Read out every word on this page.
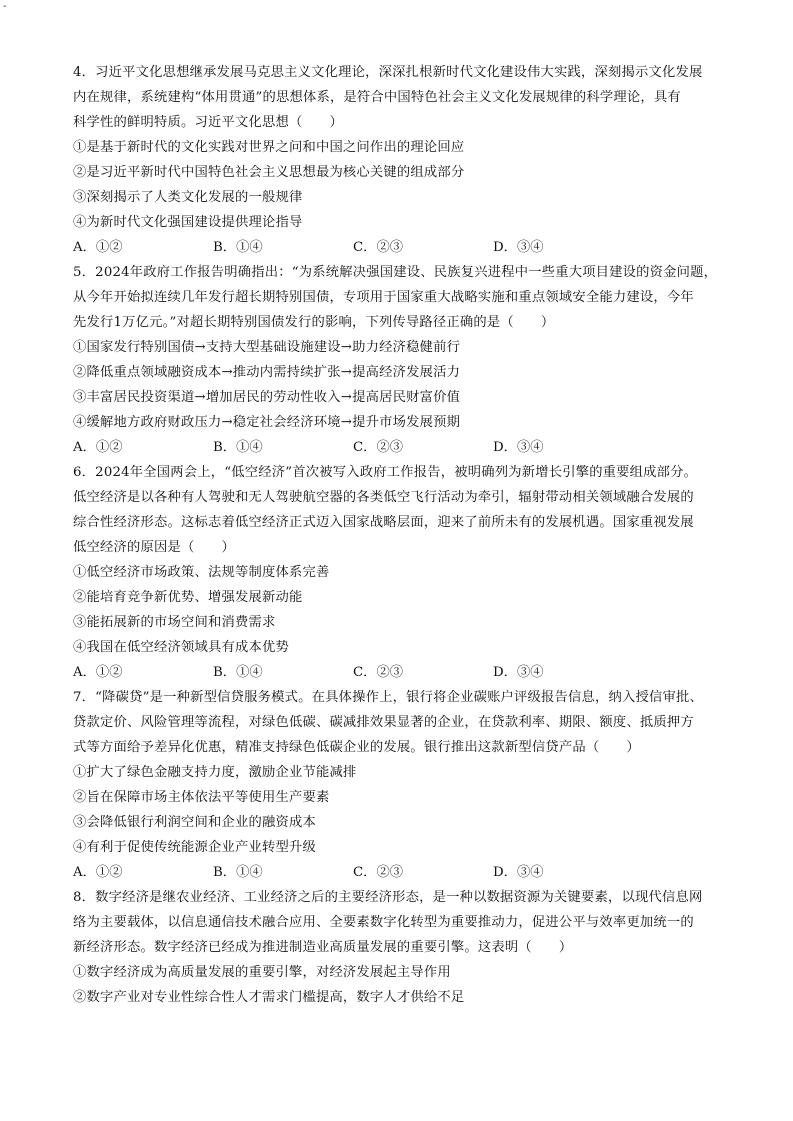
-
4．习近平文化思想继承发展马克思主义文化理论，深深扎根新时代文化建设伟大实践，深刻揭示文化发展
内在规律，系统建构“体用贯通”的思想体系，是符合中国特色社会主义文化发展规律的科学理论，具有
科学性的鲜明特质。习近平文化思想（　　）
①是基于新时代的文化实践对世界之问和中国之问作出的理论回应
②是习近平新时代中国特色社会主义思想最为核心关键的组成部分
③深刻揭示了人类文化发展的一般规律
④为新时代文化强国建设提供理论指导
A．①②	B．①④	C．②③	D．③④
5．2024年政府工作报告明确指出：“为系统解决强国建设、民族复兴进程中一些重大项目建设的资金问题，
从今年开始拟连续几年发行超长期特别国债，专项用于国家重大战略实施和重点领域安全能力建设，今年
先发行1万亿元。”对超长期特别国债发行的影响，下列传导路径正确的是（　　）
①国家发行特别国债→支持大型基础设施建设→助力经济稳健前行
②降低重点领域融资成本→推动内需持续扩张→提高经济发展活力
③丰富居民投资渠道→增加居民的劳动性收入→提高居民财富价值
④缓解地方政府财政压力→稳定社会经济环境→提升市场发展预期
A．①②	B．①④	C．②③	D．③④
6．2024年全国两会上，“低空经济”首次被写入政府工作报告，被明确列为新增长引擎的重要组成部分。
低空经济是以各种有人驾驶和无人驾驶航空器的各类低空飞行活动为牵引，辐射带动相关领域融合发展的
综合性经济形态。这标志着低空经济正式迈入国家战略层面，迎来了前所未有的发展机遇。国家重视发展
低空经济的原因是（　　）
①低空经济市场政策、法规等制度体系完善
②能培育竞争新优势、增强发展新动能
③能拓展新的市场空间和消费需求
④我国在低空经济领域具有成本优势
A．①②	B．①④	C．②③	D．③④
7．“降碳贷”是一种新型信贷服务模式。在具体操作上，银行将企业碳账户评级报告信息，纳入授信审批、
贷款定价、风险管理等流程，对绿色低碳、碳减排效果显著的企业，在贷款利率、期限、额度、抵质押方
式等方面给予差异化优惠，精准支持绿色低碳企业的发展。银行推出这款新型信贷产品（　　）
①扩大了绿色金融支持力度，激励企业节能减排
②旨在保障市场主体依法平等使用生产要素
③会降低银行利润空间和企业的融资成本
④有利于促使传统能源企业产业转型升级
A．①②	B．①④	C．②③	D．③④
8．数字经济是继农业经济、工业经济之后的主要经济形态，是一种以数据资源为关键要素，以现代信息网
络为主要载体，以信息通信技术融合应用、全要素数字化转型为重要推动力，促进公平与效率更加统一的
新经济形态。数字经济已经成为推进制造业高质量发展的重要引擎。这表明（　　）
①数字经济成为高质量发展的重要引擎，对经济发展起主导作用
②数字产业对专业性综合性人才需求门槛提高，数字人才供给不足
